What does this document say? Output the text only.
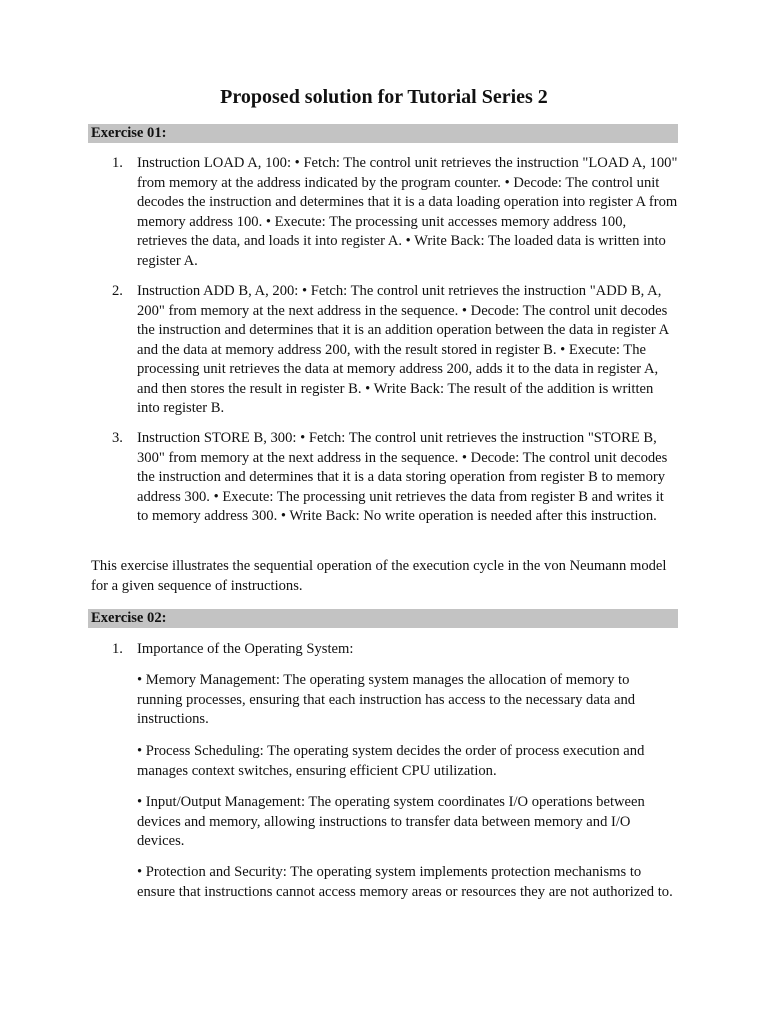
Proposed solution for Tutorial Series 2
Exercise 01:
1. Instruction LOAD A, 100: • Fetch: The control unit retrieves the instruction "LOAD A, 100" from memory at the address indicated by the program counter. • Decode: The control unit decodes the instruction and determines that it is a data loading operation into register A from memory address 100. • Execute: The processing unit accesses memory address 100, retrieves the data, and loads it into register A. • Write Back: The loaded data is written into register A.
2. Instruction ADD B, A, 200: • Fetch: The control unit retrieves the instruction "ADD B, A, 200" from memory at the next address in the sequence. • Decode: The control unit decodes the instruction and determines that it is an addition operation between the data in register A and the data at memory address 200, with the result stored in register B. • Execute: The processing unit retrieves the data at memory address 200, adds it to the data in register A, and then stores the result in register B. • Write Back: The result of the addition is written into register B.
3. Instruction STORE B, 300: • Fetch: The control unit retrieves the instruction "STORE B, 300" from memory at the next address in the sequence. • Decode: The control unit decodes the instruction and determines that it is a data storing operation from register B to memory address 300. • Execute: The processing unit retrieves the data from register B and writes it to memory address 300. • Write Back: No write operation is needed after this instruction.
This exercise illustrates the sequential operation of the execution cycle in the von Neumann model for a given sequence of instructions.
Exercise 02:
1. Importance of the Operating System:
• Memory Management: The operating system manages the allocation of memory to running processes, ensuring that each instruction has access to the necessary data and instructions.
• Process Scheduling: The operating system decides the order of process execution and manages context switches, ensuring efficient CPU utilization.
• Input/Output Management: The operating system coordinates I/O operations between devices and memory, allowing instructions to transfer data between memory and I/O devices.
• Protection and Security: The operating system implements protection mechanisms to ensure that instructions cannot access memory areas or resources they are not authorized to.
